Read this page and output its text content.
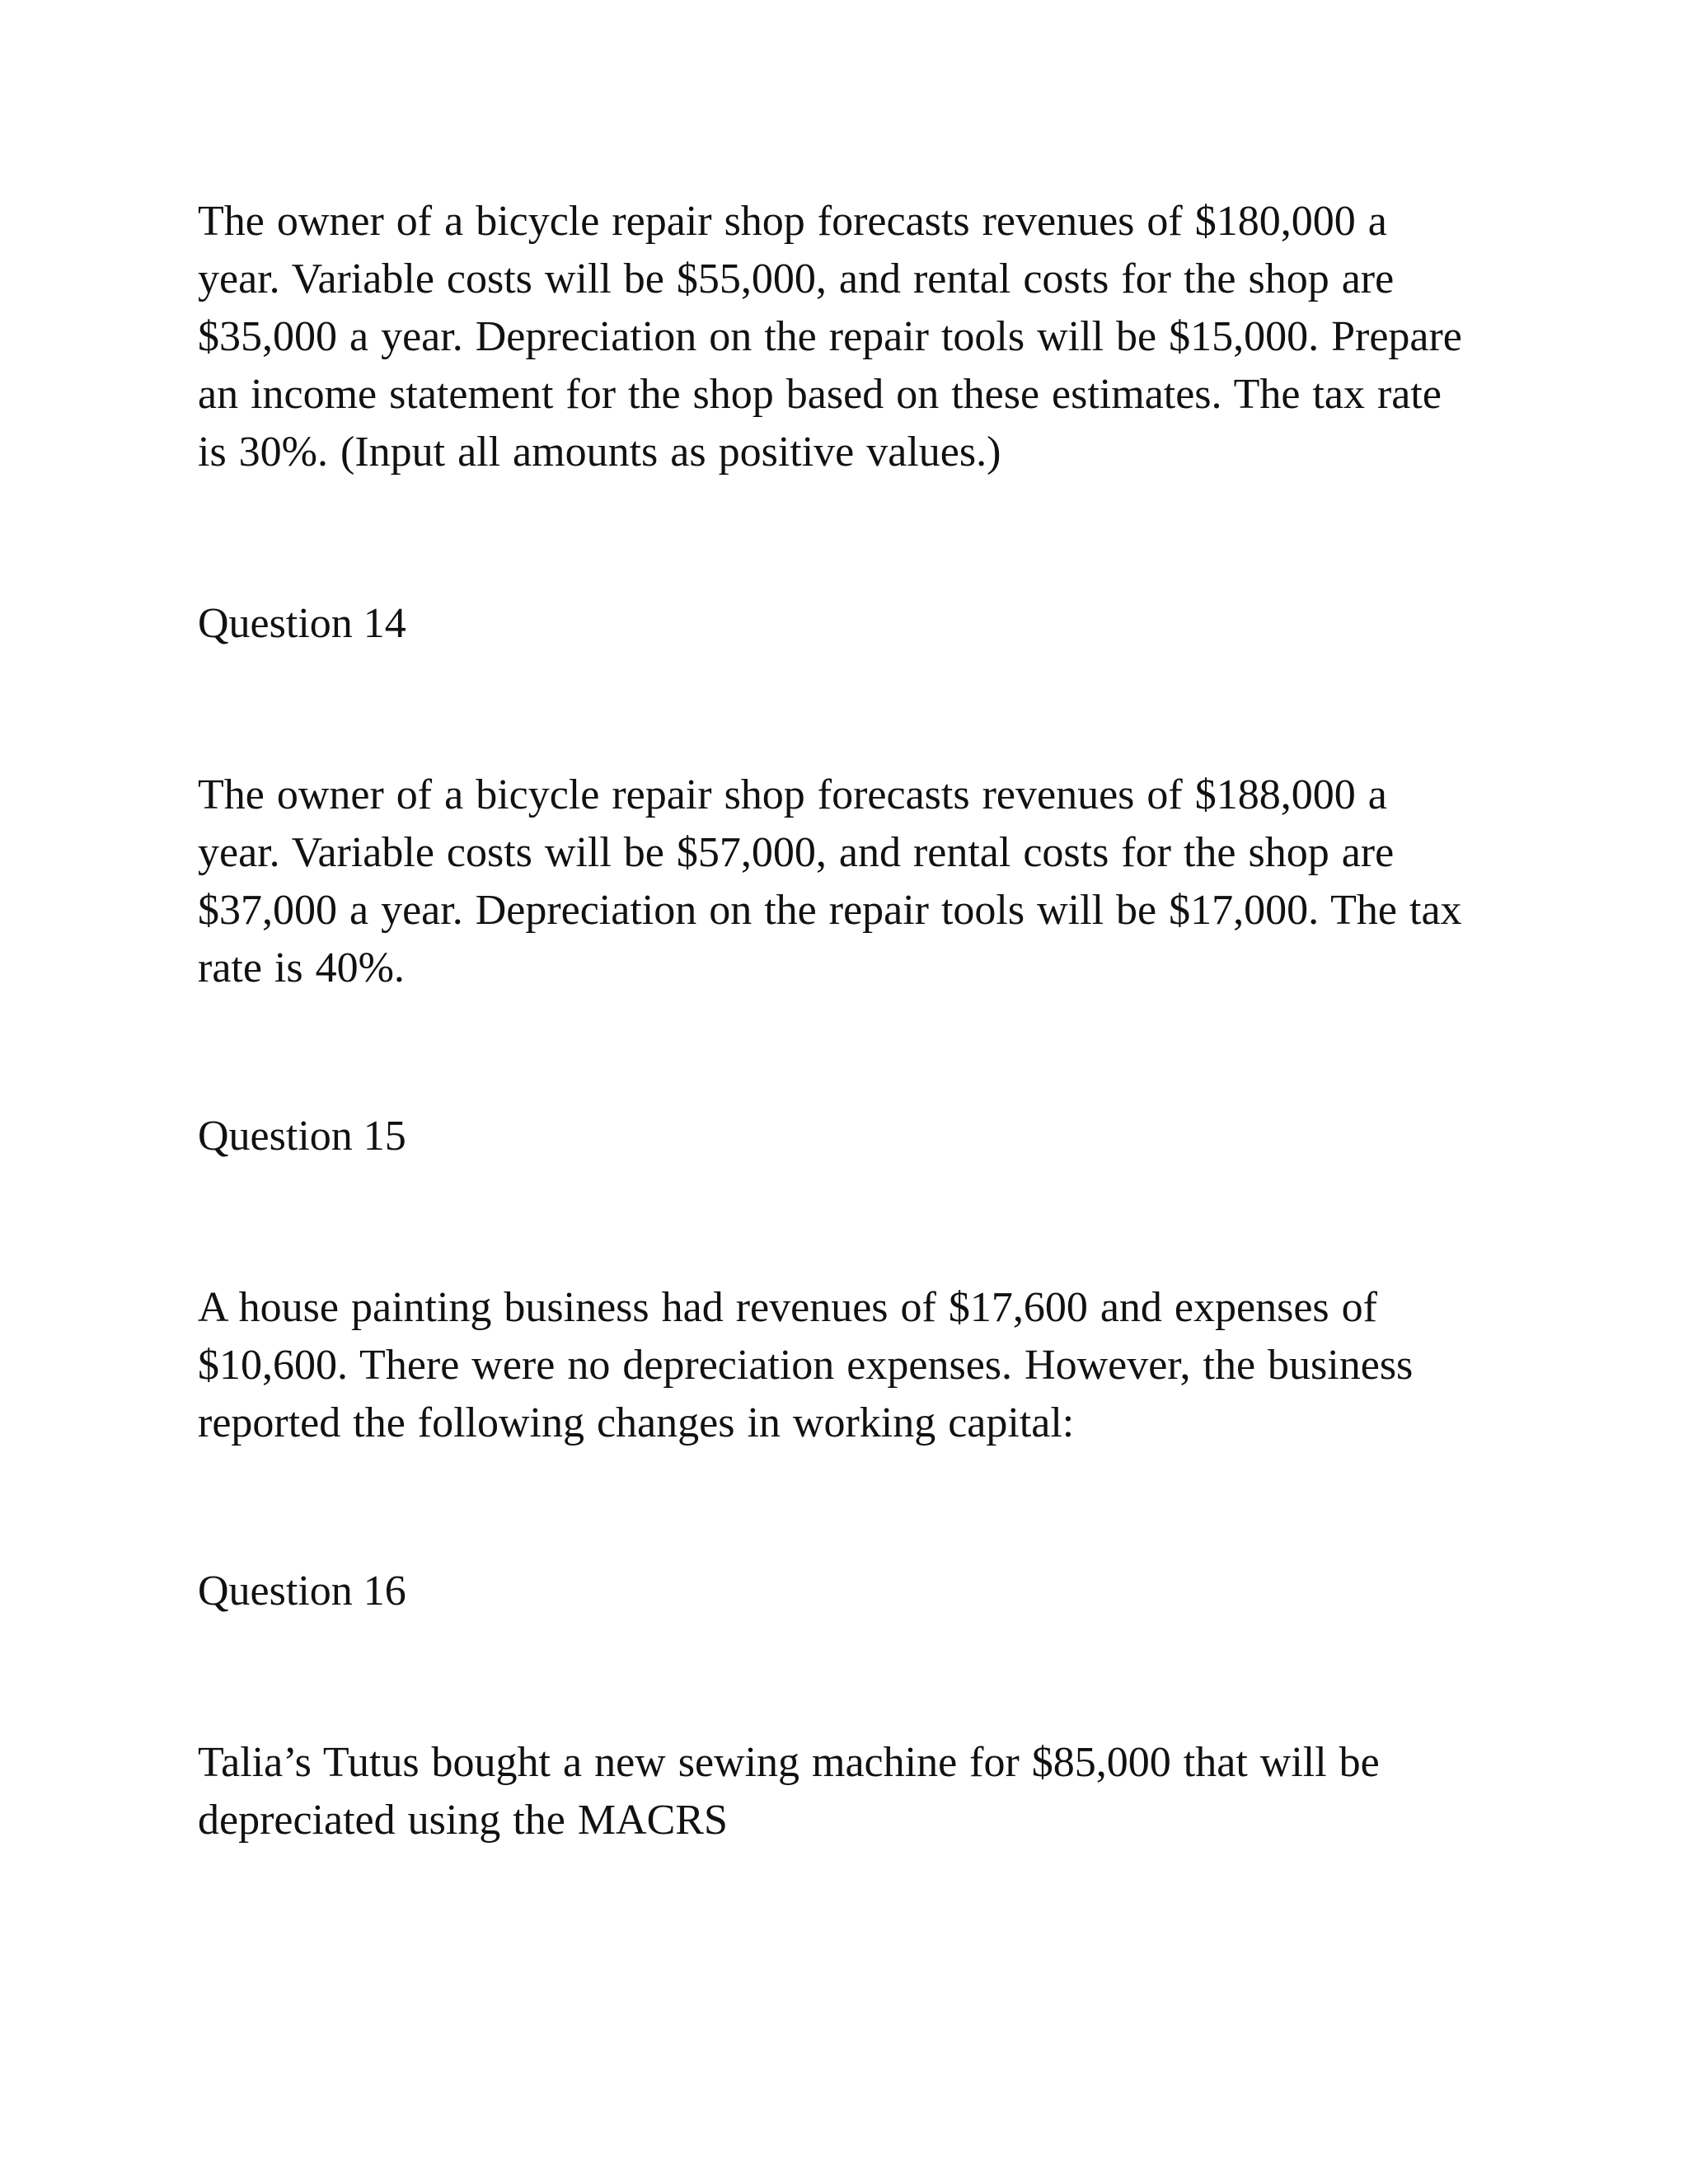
The owner of a bicycle repair shop forecasts revenues of $180,000 a
year. Variable costs will be $55,000, and rental costs for the shop are
$35,000 a year. Depreciation on the repair tools will be $15,000. Prepare
an income statement for the shop based on these estimates. The tax rate
is 30%. (Input all amounts as positive values.)

Question 14

The owner of a bicycle repair shop forecasts revenues of $188,000 a
year. Variable costs will be $57,000, and rental costs for the shop are
$37,000 a year. Depreciation on the repair tools will be $17,000. The tax
rate is 40%.

Question 15

A house painting business had revenues of $17,600 and expenses of
$10,600. There were no depreciation expenses. However, the business
reported the following changes in working capital:

Question 16

Talia’s Tutus bought a new sewing machine for $85,000 that will be
depreciated using the MACRS
